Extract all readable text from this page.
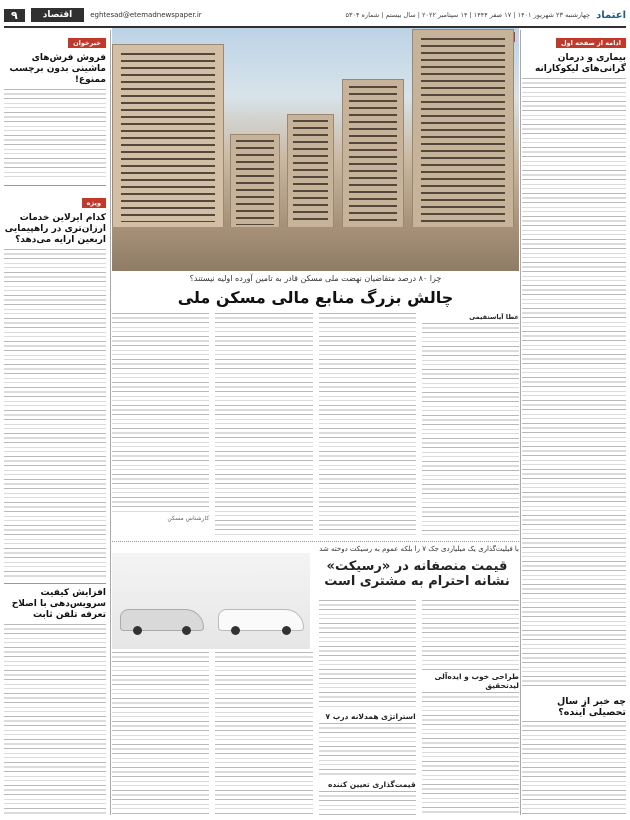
اعتماد
چهارشنبه ۲۳ شهریور ۱۴۰۱ | ۱۷ صفر ۱۴۴۴ | ۱۴ سپتامبر ۲۰۲۲ | سال بیستم | شماره ۵۳۰۴
eghtesad@etemadnewspaper.ir
اقتصاد
۹
ادامه از صفحه اول
بیماری و درمان گرانی‌های لیکوکارانه
چه خبر از سال تحصیلی آینده؟
چرا ۸۰ درصد متقاضیان نهضت ملی مسکن قادر به تامین آورده اولیه نیستند؟
چالش بزرگ منابع مالی مسکن ملی
عطا آیاستقیمی
کارشناس مسکن
با فیلیت‌گذاری یک میلیاردی جک ۷ را بلکه عموم به رسیکت دوخته شد
قیمت منصفانه در «رسیکت»
نشانه احترام به مشتری است
طراحی خوب و ایده‌آلی لیدتحقیق
استراتژی همدلانه درب ۷
قیمت‌گذاری تعیین کننده
خبرخوان
فروش فرش‌های ماشینی بدون برچسب ممنوع!
ویژه
کدام ایرلاین خدمات ارزان‌تری در راهپیمایی اربعین ارایه می‌دهد؟
افزایش کیفیت سرویس‌دهی با اصلاح تعرفه تلفن ثابت
